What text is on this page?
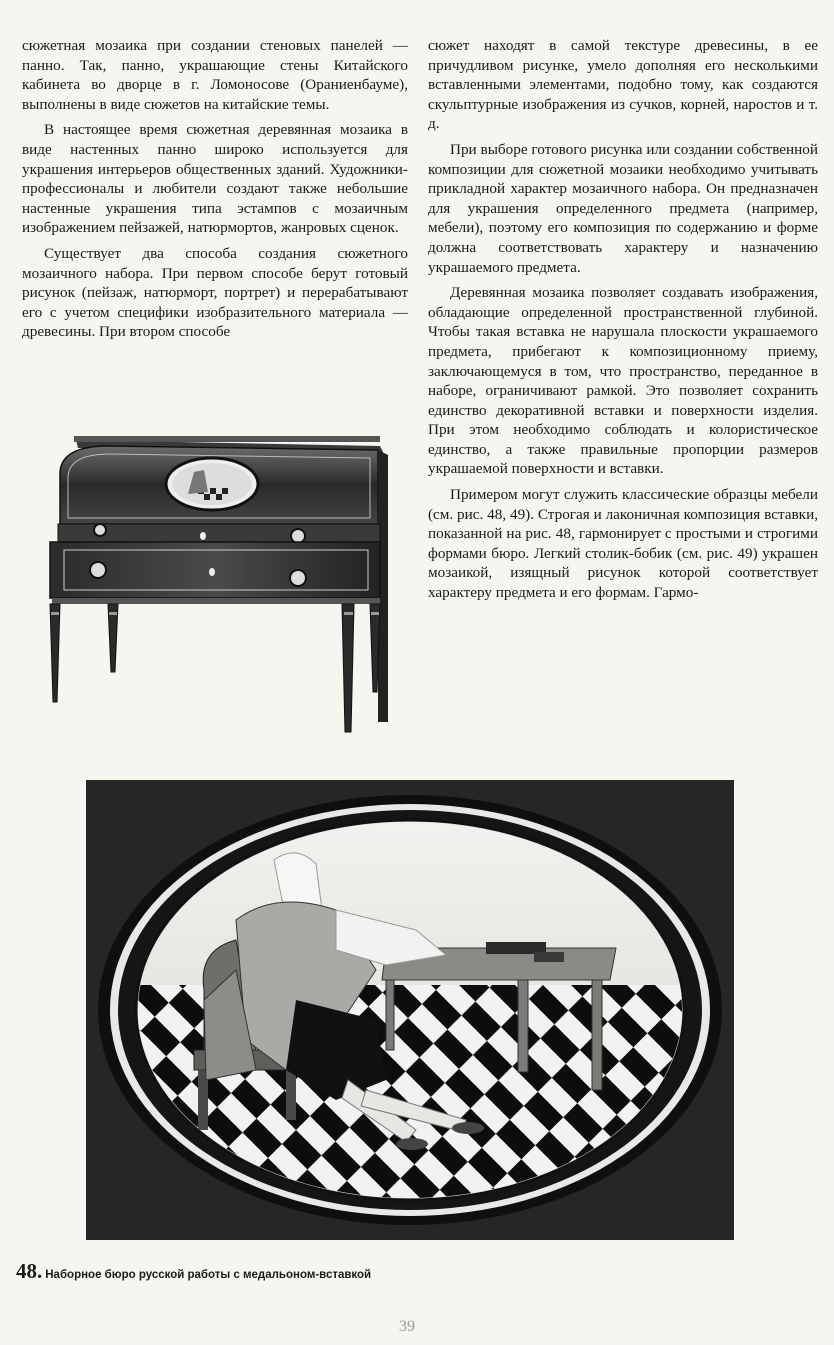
сюжетная мозаика при создании стеновых панелей — панно. Так, панно, украшающие стены Китайского кабинета во дворце в г. Ломоносове (Ораниенбауме), выполнены в виде сюжетов на китайские темы.

В настоящее время сюжетная деревянная мозаика в виде настенных панно широко используется для украшения интерьеров общественных зданий. Художники-профессионалы и любители создают также небольшие настенные украшения типа эстампов с мозаичным изображением пейзажей, натюрмортов, жанровых сценок.

Существует два способа создания сюжетного мозаичного набора. При первом способе берут готовый рисунок (пейзаж, натюрморт, портрет) и перерабатывают его с учетом специфики изобразительного материала — древесины. При втором способе

сюжет находят в самой текстуре древесины, в ее причудливом рисунке, умело дополняя его несколькими вставленными элементами, подобно тому, как создаются скульптурные изображения из сучков, корней, наростов и т. д.

При выборе готового рисунка или создании собственной композиции для сюжетной мозаики необходимо учитывать прикладной характер мозаичного набора. Он предназначен для украшения определенного предмета (например, мебели), поэтому его композиция по содержанию и форме должна соответствовать характеру и назначению украшаемого предмета.

Деревянная мозаика позволяет создавать изображения, обладающие определенной пространственной глубиной. Чтобы такая вставка не нарушала плоскости украшаемого предмета, прибегают к композиционному приему, заключающемуся в том, что пространство, переданное в наборе, ограничивают рамкой. Это позволяет сохранить единство декоративной вставки и поверхности изделия. При этом необходимо соблюдать и колористическое единство, а также правильные пропорции размеров украшаемой поверхности и вставки.

Примером могут служить классические образцы мебели (см. рис. 48, 49). Строгая и лаконичная композиция вставки, показанной на рис. 48, гармонирует с простыми и строгими формами бюро. Легкий столик-бобик (см. рис. 49) украшен мозаикой, изящный рисунок которой соответствует характеру предмета и его формам. Гармо-

48. Наборное бюро русской работы с медальоном-вставкой
39
